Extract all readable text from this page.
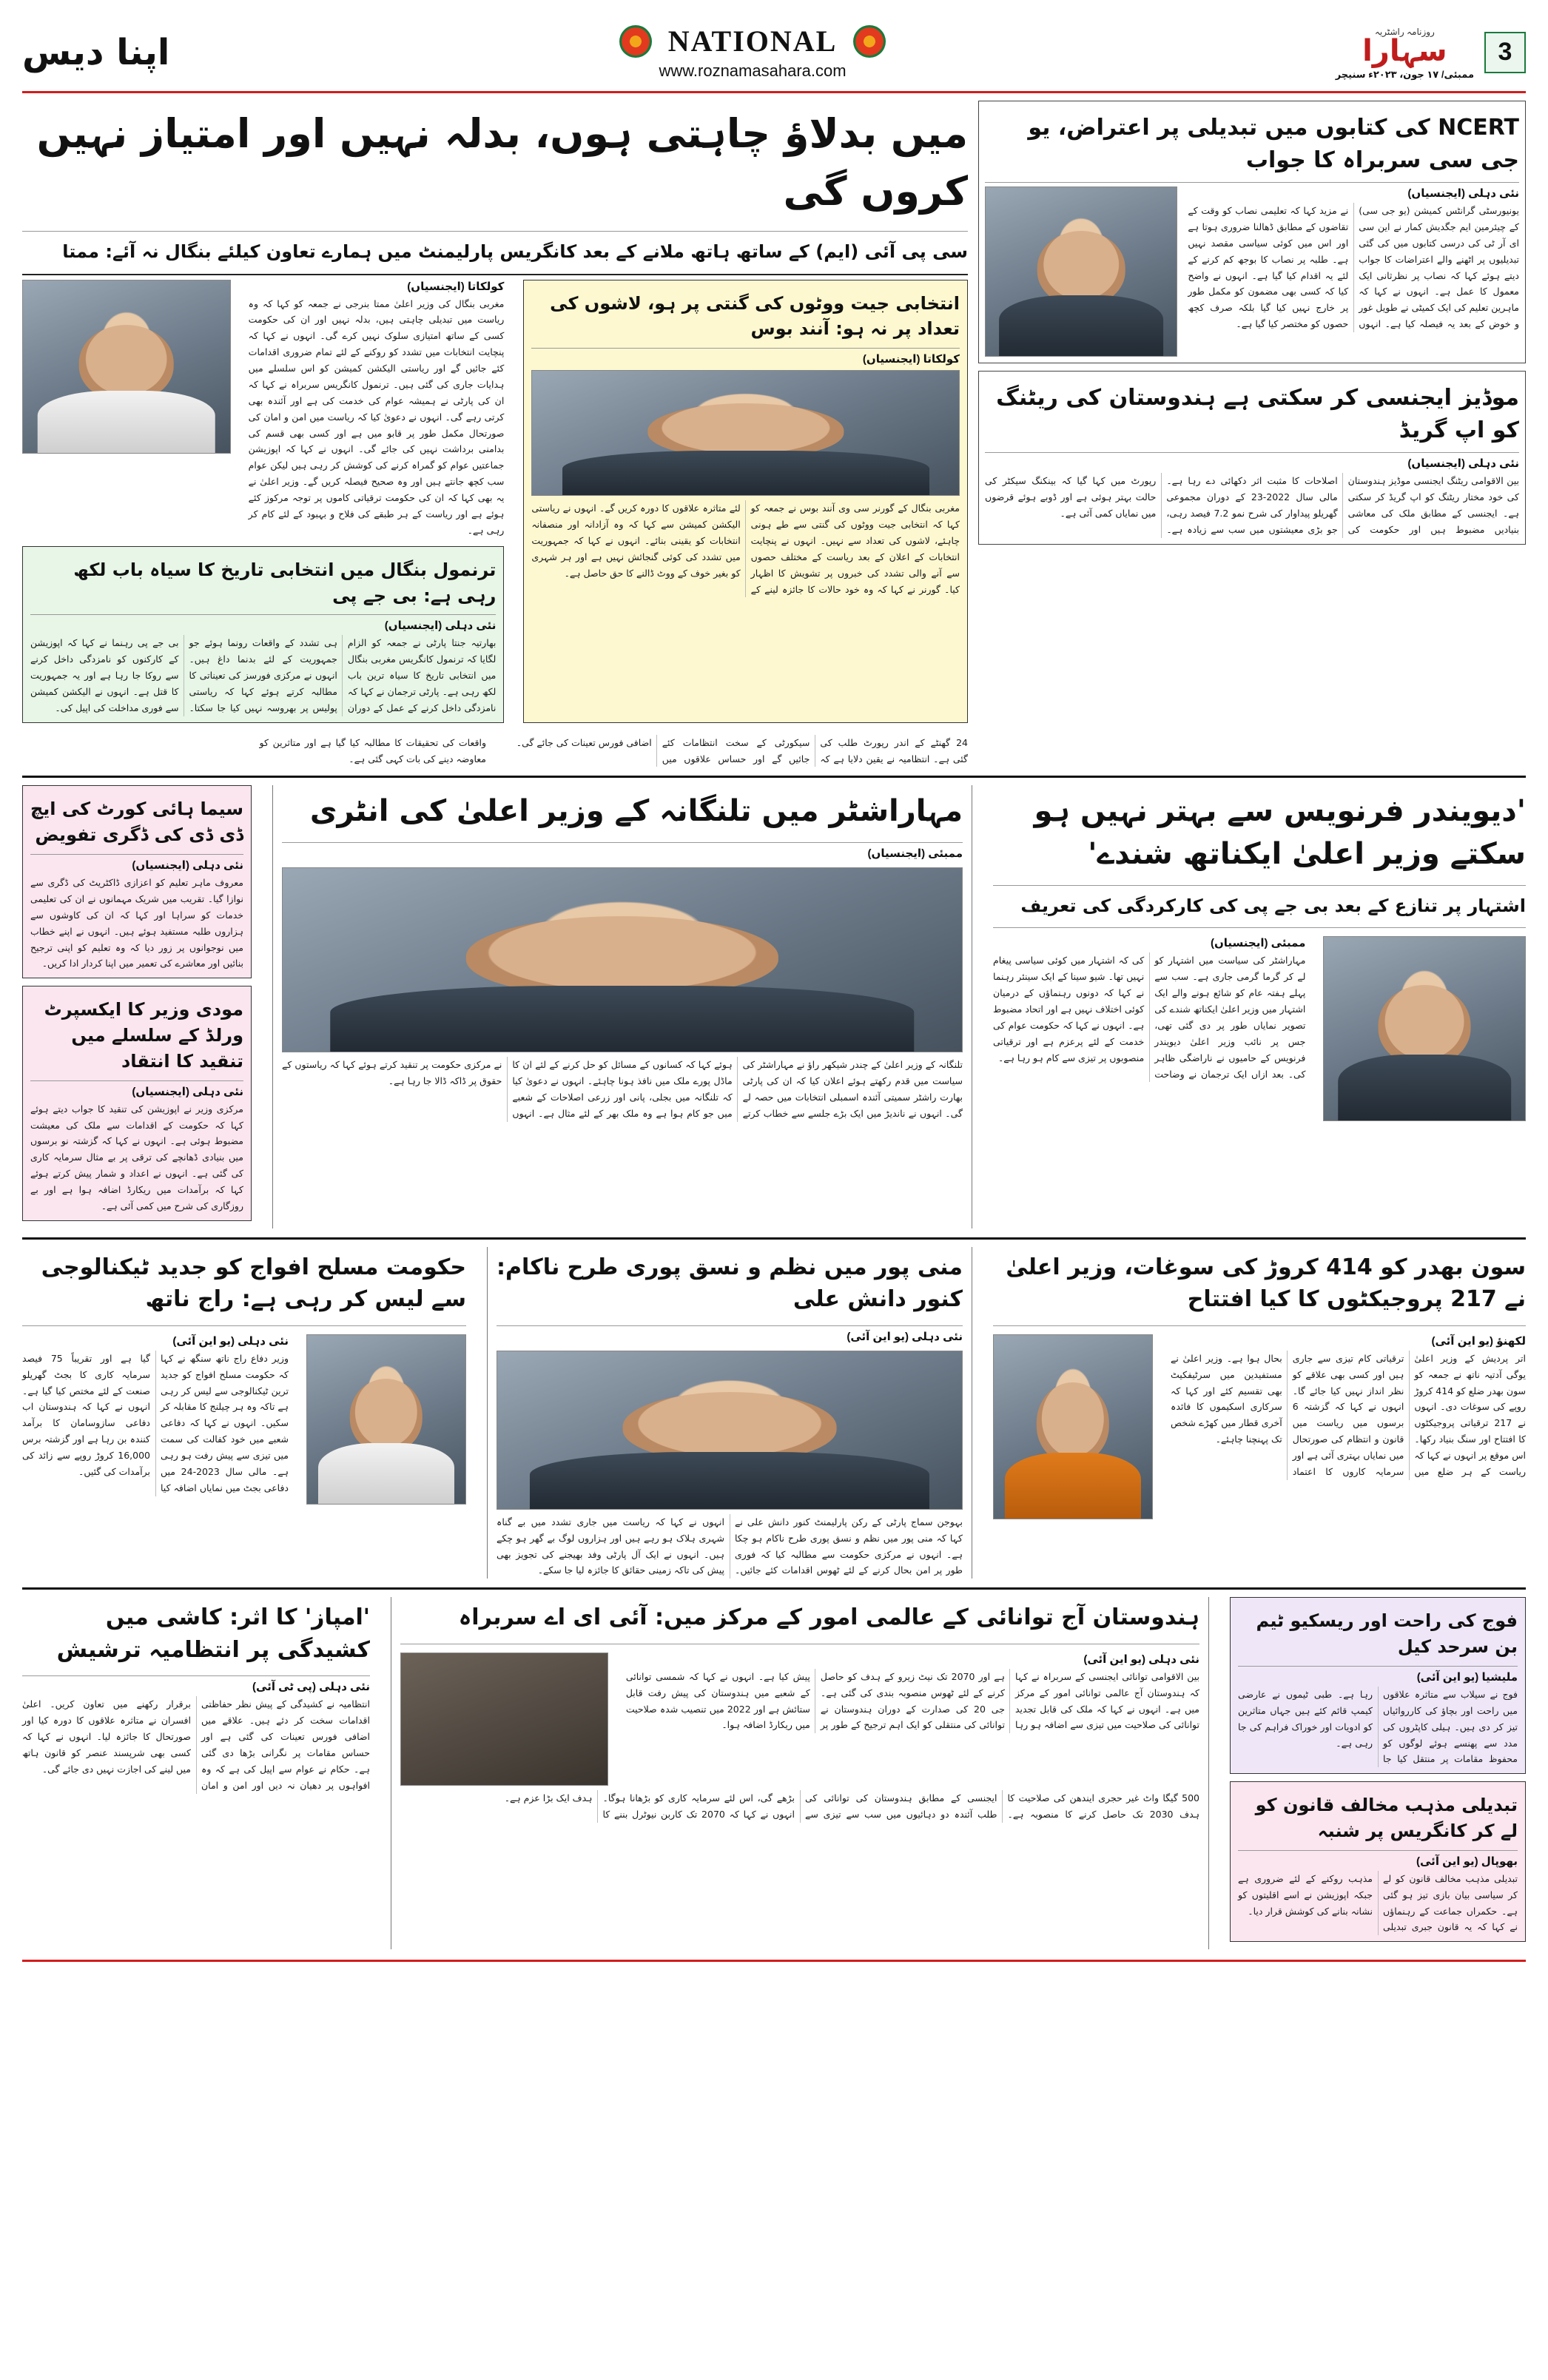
3
روزنامہ راشٹریہ
سہارا
ممبئی/ ۱۷ جون، ۲۰۲۳ء سنیچر
NATIONAL
www.roznamasahara.com
اپنا دیس
NCERT کی کتابوں میں تبدیلی پر اعتراض، یو جی سی سربراہ کا جواب
نئی دہلی (ایجنسیاں)
یونیورسٹی گرانٹس کمیشن (یو جی سی) کے چیئرمین ایم جگدیش کمار نے این سی ای آر ٹی کی درسی کتابوں میں کی گئی تبدیلیوں پر اٹھنے والے اعتراضات کا جواب دیتے ہوئے کہا کہ نصاب پر نظرثانی ایک معمول کا عمل ہے۔ انہوں نے کہا کہ ماہرین تعلیم کی ایک کمیٹی نے طویل غور و خوض کے بعد یہ فیصلہ کیا ہے۔ انہوں نے مزید کہا کہ تعلیمی نصاب کو وقت کے تقاضوں کے مطابق ڈھالنا ضروری ہوتا ہے اور اس میں کوئی سیاسی مقصد نہیں ہے۔ طلبہ پر نصاب کا بوجھ کم کرنے کے لئے یہ اقدام کیا گیا ہے۔ انہوں نے واضح کیا کہ کسی بھی مضمون کو مکمل طور پر خارج نہیں کیا گیا بلکہ صرف کچھ حصوں کو مختصر کیا گیا ہے۔
موڈیز ایجنسی کر سکتی ہے ہندوستان کی ریٹنگ کو اپ گریڈ
نئی دہلی (ایجنسیاں)
بین الاقوامی ریٹنگ ایجنسی موڈیز ہندوستان کی خود مختار ریٹنگ کو اپ گریڈ کر سکتی ہے۔ ایجنسی کے مطابق ملک کی معاشی بنیادیں مضبوط ہیں اور حکومت کی اصلاحات کا مثبت اثر دکھائی دے رہا ہے۔ مالی سال 2022-23 کے دوران مجموعی گھریلو پیداوار کی شرح نمو 7.2 فیصد رہی، جو بڑی معیشتوں میں سب سے زیادہ ہے۔ رپورٹ میں کہا گیا کہ بینکنگ سیکٹر کی حالت بہتر ہوئی ہے اور ڈوبے ہوئے قرضوں میں نمایاں کمی آئی ہے۔
میں بدلاؤ چاہتی ہوں، بدلہ نہیں اور امتیاز نہیں کروں گی
سی پی آئی (ایم) کے ساتھ ہاتھ ملانے کے بعد کانگریس پارلیمنٹ میں ہمارے تعاون کیلئے بنگال نہ آئے: ممتا
انتخابی جیت ووٹوں کی گنتی پر ہو، لاشوں کی تعداد پر نہ ہو: آنند بوس
کولکاتا (ایجنسیاں)
مغربی بنگال کے گورنر سی وی آنند بوس نے جمعہ کو کہا کہ انتخابی جیت ووٹوں کی گنتی سے طے ہونی چاہئے، لاشوں کی تعداد سے نہیں۔ انہوں نے پنچایت انتخابات کے اعلان کے بعد ریاست کے مختلف حصوں سے آنے والی تشدد کی خبروں پر تشویش کا اظہار کیا۔ گورنر نے کہا کہ وہ خود حالات کا جائزہ لینے کے لئے متاثرہ علاقوں کا دورہ کریں گے۔ انہوں نے ریاستی الیکشن کمیشن سے کہا کہ وہ آزادانہ اور منصفانہ انتخابات کو یقینی بنائے۔ انہوں نے کہا کہ جمہوریت میں تشدد کی کوئی گنجائش نہیں ہے اور ہر شہری کو بغیر خوف کے ووٹ ڈالنے کا حق حاصل ہے۔
کولکاتا (ایجنسیاں)
مغربی بنگال کی وزیر اعلیٰ ممتا بنرجی نے جمعہ کو کہا کہ وہ ریاست میں تبدیلی چاہتی ہیں، بدلہ نہیں اور ان کی حکومت کسی کے ساتھ امتیازی سلوک نہیں کرے گی۔ انہوں نے کہا کہ پنچایت انتخابات میں تشدد کو روکنے کے لئے تمام ضروری اقدامات کئے جائیں گے اور ریاستی الیکشن کمیشن کو اس سلسلے میں ہدایات جاری کی گئی ہیں۔ ترنمول کانگریس سربراہ نے کہا کہ ان کی پارٹی نے ہمیشہ عوام کی خدمت کی ہے اور آئندہ بھی کرتی رہے گی۔ انہوں نے دعویٰ کیا کہ ریاست میں امن و امان کی صورتحال مکمل طور پر قابو میں ہے اور کسی بھی قسم کی بدامنی برداشت نہیں کی جائے گی۔ انہوں نے کہا کہ اپوزیشن جماعتیں عوام کو گمراہ کرنے کی کوشش کر رہی ہیں لیکن عوام سب کچھ جانتے ہیں اور وہ صحیح فیصلہ کریں گے۔ وزیر اعلیٰ نے یہ بھی کہا کہ ان کی حکومت ترقیاتی کاموں پر توجہ مرکوز کئے ہوئے ہے اور ریاست کے ہر طبقے کی فلاح و بہبود کے لئے کام کر رہی ہے۔
ترنمول بنگال میں انتخابی تاریخ کا سیاہ باب لکھ رہی ہے: بی جے پی
نئی دہلی (ایجنسیاں)
بھارتیہ جنتا پارٹی نے جمعہ کو الزام لگایا کہ ترنمول کانگریس مغربی بنگال میں انتخابی تاریخ کا سیاہ ترین باب لکھ رہی ہے۔ پارٹی ترجمان نے کہا کہ نامزدگی داخل کرنے کے عمل کے دوران ہی تشدد کے واقعات رونما ہوئے جو جمہوریت کے لئے بدنما داغ ہیں۔ انہوں نے مرکزی فورسز کی تعیناتی کا مطالبہ کرتے ہوئے کہا کہ ریاستی پولیس پر بھروسہ نہیں کیا جا سکتا۔ بی جے پی رہنما نے کہا کہ اپوزیشن کے کارکنوں کو نامزدگی داخل کرنے سے روکا جا رہا ہے اور یہ جمہوریت کا قتل ہے۔ انہوں نے الیکشن کمیشن سے فوری مداخلت کی اپیل کی۔
24 گھنٹے کے اندر رپورٹ طلب کی گئی ہے۔ انتظامیہ نے یقین دلایا ہے کہ سیکورٹی کے سخت انتظامات کئے جائیں گے اور حساس علاقوں میں اضافی فورس تعینات کی جائے گی۔
واقعات کی تحقیقات کا مطالبہ کیا گیا ہے اور متاثرین کو معاوضہ دینے کی بات کہی گئی ہے۔
'دیویندر فرنویس سے بہتر نہیں ہو سکتے وزیر اعلیٰ ایکناتھ شندے'
اشتہار پر تنازع کے بعد بی جے پی کی کارکردگی کی تعریف
ممبئی (ایجنسیاں)
مہاراشٹر کی سیاست میں اشتہار کو لے کر گرما گرمی جاری ہے۔ سب سے پہلے ہفتہ عام کو شائع ہونے والے ایک اشتہار میں وزیر اعلیٰ ایکناتھ شندے کی تصویر نمایاں طور پر دی گئی تھی، جس پر نائب وزیر اعلیٰ دیویندر فرنویس کے حامیوں نے ناراضگی ظاہر کی۔ بعد ازاں ایک ترجمان نے وضاحت کی کہ اشتہار میں کوئی سیاسی پیغام نہیں تھا۔ شیو سینا کے ایک سینئر رہنما نے کہا کہ دونوں رہنماؤں کے درمیان کوئی اختلاف نہیں ہے اور اتحاد مضبوط ہے۔ انہوں نے کہا کہ حکومت عوام کی خدمت کے لئے پرعزم ہے اور ترقیاتی منصوبوں پر تیزی سے کام ہو رہا ہے۔
مہاراشٹر میں تلنگانہ کے وزیر اعلیٰ کی انٹری
ممبئی (ایجنسیاں)
تلنگانہ کے وزیر اعلیٰ کے چندر شیکھر راؤ نے مہاراشٹر کی سیاست میں قدم رکھتے ہوئے اعلان کیا کہ ان کی پارٹی بھارت راشٹر سمیتی آئندہ اسمبلی انتخابات میں حصہ لے گی۔ انہوں نے ناندیڑ میں ایک بڑے جلسے سے خطاب کرتے ہوئے کہا کہ کسانوں کے مسائل کو حل کرنے کے لئے ان کا ماڈل پورے ملک میں نافذ ہونا چاہئے۔ انہوں نے دعویٰ کیا کہ تلنگانہ میں بجلی، پانی اور زرعی اصلاحات کے شعبے میں جو کام ہوا ہے وہ ملک بھر کے لئے مثال ہے۔ انہوں نے مرکزی حکومت پر تنقید کرتے ہوئے کہا کہ ریاستوں کے حقوق پر ڈاکہ ڈالا جا رہا ہے۔
سیما ہائی کورٹ کی ایچ ڈی ڈی کی ڈگری تفویض
نئی دہلی (ایجنسیاں)
معروف ماہر تعلیم کو اعزازی ڈاکٹریٹ کی ڈگری سے نوازا گیا۔ تقریب میں شریک مہمانوں نے ان کی تعلیمی خدمات کو سراہا اور کہا کہ ان کی کاوشوں سے ہزاروں طلبہ مستفید ہوئے ہیں۔ انہوں نے اپنے خطاب میں نوجوانوں پر زور دیا کہ وہ تعلیم کو اپنی ترجیح بنائیں اور معاشرے کی تعمیر میں اپنا کردار ادا کریں۔
مودی وزیر کا ایکسپرٹ ورلڈ کے سلسلے میں تنقید کا انتقاد
نئی دہلی (ایجنسیاں)
مرکزی وزیر نے اپوزیشن کی تنقید کا جواب دیتے ہوئے کہا کہ حکومت کے اقدامات سے ملک کی معیشت مضبوط ہوئی ہے۔ انہوں نے کہا کہ گزشتہ نو برسوں میں بنیادی ڈھانچے کی ترقی پر بے مثال سرمایہ کاری کی گئی ہے۔ انہوں نے اعداد و شمار پیش کرتے ہوئے کہا کہ برآمدات میں ریکارڈ اضافہ ہوا ہے اور بے روزگاری کی شرح میں کمی آئی ہے۔
سون بھدر کو 414 کروڑ کی سوغات، وزیر اعلیٰ نے 217 پروجیکٹوں کا کیا افتتاح
لکھنؤ (یو این آئی)
اتر پردیش کے وزیر اعلیٰ یوگی آدتیہ ناتھ نے جمعہ کو سون بھدر ضلع کو 414 کروڑ روپے کی سوغات دی۔ انہوں نے 217 ترقیاتی پروجیکٹوں کا افتتاح اور سنگ بنیاد رکھا۔ اس موقع پر انہوں نے کہا کہ ریاست کے ہر ضلع میں ترقیاتی کام تیزی سے جاری ہیں اور کسی بھی علاقے کو نظر انداز نہیں کیا جائے گا۔ انہوں نے کہا کہ گزشتہ 6 برسوں میں ریاست میں قانون و انتظام کی صورتحال میں نمایاں بہتری آئی ہے اور سرمایہ کاروں کا اعتماد بحال ہوا ہے۔ وزیر اعلیٰ نے مستفیدین میں سرٹیفکیٹ بھی تقسیم کئے اور کہا کہ سرکاری اسکیموں کا فائدہ آخری قطار میں کھڑے شخص تک پہنچنا چاہئے۔
منی پور میں نظم و نسق پوری طرح ناکام: کنور دانش علی
نئی دہلی (یو این آئی)
بہوجن سماج پارٹی کے رکن پارلیمنٹ کنور دانش علی نے کہا کہ منی پور میں نظم و نسق پوری طرح ناکام ہو چکا ہے۔ انہوں نے مرکزی حکومت سے مطالبہ کیا کہ فوری طور پر امن بحال کرنے کے لئے ٹھوس اقدامات کئے جائیں۔ انہوں نے کہا کہ ریاست میں جاری تشدد میں بے گناہ شہری ہلاک ہو رہے ہیں اور ہزاروں لوگ بے گھر ہو چکے ہیں۔ انہوں نے ایک آل پارٹی وفد بھیجنے کی تجویز بھی پیش کی تاکہ زمینی حقائق کا جائزہ لیا جا سکے۔
حکومت مسلح افواج کو جدید ٹیکنالوجی سے لیس کر رہی ہے: راج ناتھ
نئی دہلی (یو این آئی)
وزیر دفاع راج ناتھ سنگھ نے کہا کہ حکومت مسلح افواج کو جدید ترین ٹیکنالوجی سے لیس کر رہی ہے تاکہ وہ ہر چیلنج کا مقابلہ کر سکیں۔ انہوں نے کہا کہ دفاعی شعبے میں خود کفالت کی سمت میں تیزی سے پیش رفت ہو رہی ہے۔ مالی سال 2023-24 میں دفاعی بجٹ میں نمایاں اضافہ کیا گیا ہے اور تقریباً 75 فیصد سرمایہ کاری کا بجٹ گھریلو صنعت کے لئے مختص کیا گیا ہے۔ انہوں نے کہا کہ ہندوستان اب دفاعی سازوسامان کا برآمد کنندہ بن رہا ہے اور گزشتہ برس 16,000 کروڑ روپے سے زائد کی برآمدات کی گئیں۔
فوج کی راحت اور ریسکیو ٹیم بن سرحد کیل
ملیشیا (یو این آئی)
فوج نے سیلاب سے متاثرہ علاقوں میں راحت اور بچاؤ کی کارروائیاں تیز کر دی ہیں۔ ہیلی کاپٹروں کی مدد سے پھنسے ہوئے لوگوں کو محفوظ مقامات پر منتقل کیا جا رہا ہے۔ طبی ٹیموں نے عارضی کیمپ قائم کئے ہیں جہاں متاثرین کو ادویات اور خوراک فراہم کی جا رہی ہے۔
تبدیلی مذہب مخالف قانون کو لے کر کانگریس پر شنبہ
بھوپال (یو این آئی)
تبدیلی مذہب مخالف قانون کو لے کر سیاسی بیان بازی تیز ہو گئی ہے۔ حکمراں جماعت کے رہنماؤں نے کہا کہ یہ قانون جبری تبدیلی مذہب روکنے کے لئے ضروری ہے جبکہ اپوزیشن نے اسے اقلیتوں کو نشانہ بنانے کی کوشش قرار دیا۔
ہندوستان آج توانائی کے عالمی امور کے مرکز میں: آئی ای اے سربراہ
نئی دہلی (یو این آئی)
بین الاقوامی توانائی ایجنسی کے سربراہ نے کہا کہ ہندوستان آج عالمی توانائی امور کے مرکز میں ہے۔ انہوں نے کہا کہ ملک کی قابل تجدید توانائی کی صلاحیت میں تیزی سے اضافہ ہو رہا ہے اور 2070 تک نیٹ زیرو کے ہدف کو حاصل کرنے کے لئے ٹھوس منصوبہ بندی کی گئی ہے۔ جی 20 کی صدارت کے دوران ہندوستان نے توانائی کی منتقلی کو ایک اہم ترجیح کے طور پر پیش کیا ہے۔ انہوں نے کہا کہ شمسی توانائی کے شعبے میں ہندوستان کی پیش رفت قابل ستائش ہے اور 2022 میں تنصیب شدہ صلاحیت میں ریکارڈ اضافہ ہوا۔
500 گیگا واٹ غیر حجری ایندھن کی صلاحیت کا ہدف 2030 تک حاصل کرنے کا منصوبہ ہے۔ ایجنسی کے مطابق ہندوستان کی توانائی کی طلب آئندہ دو دہائیوں میں سب سے تیزی سے بڑھے گی، اس لئے سرمایہ کاری کو بڑھانا ہوگا۔ انہوں نے کہا کہ 2070 تک کاربن نیوٹرل بننے کا ہدف ایک بڑا عزم ہے۔
'امپاز' کا اثر: کاشی میں کشیدگی پر انتظامیہ ترشیش
نئی دہلی (پی ٹی آئی)
انتظامیہ نے کشیدگی کے پیش نظر حفاظتی اقدامات سخت کر دئے ہیں۔ علاقے میں اضافی فورس تعینات کی گئی ہے اور حساس مقامات پر نگرانی بڑھا دی گئی ہے۔ حکام نے عوام سے اپیل کی ہے کہ وہ افواہوں پر دھیان نہ دیں اور امن و امان برقرار رکھنے میں تعاون کریں۔ اعلیٰ افسران نے متاثرہ علاقوں کا دورہ کیا اور صورتحال کا جائزہ لیا۔ انہوں نے کہا کہ کسی بھی شرپسند عنصر کو قانون ہاتھ میں لینے کی اجازت نہیں دی جائے گی۔
